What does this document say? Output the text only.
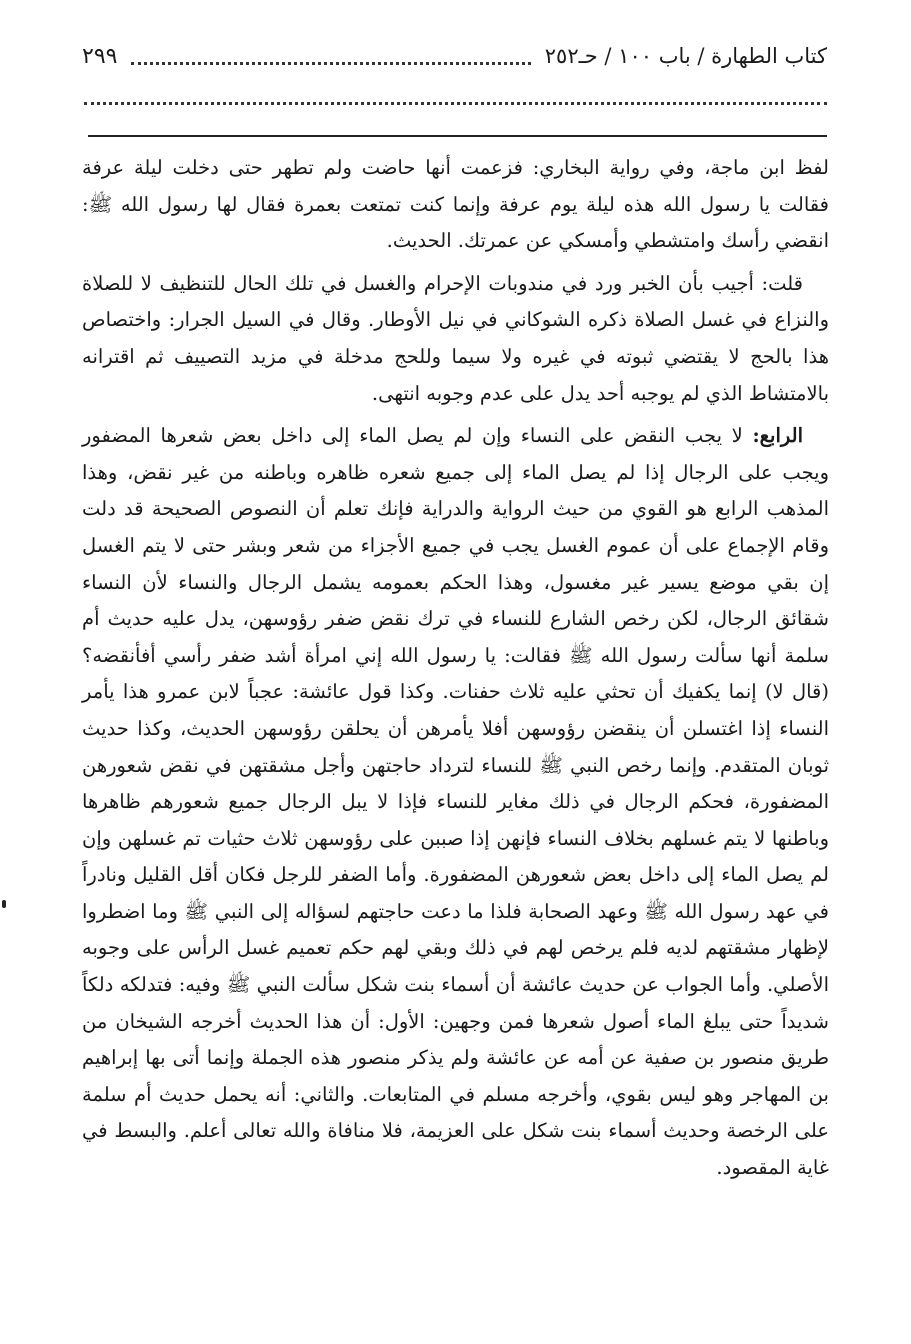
كتاب الطهارة / باب ١٠٠ / حـ٢٥٢
٢٩٩

لفظ ابن ماجة، وفي رواية البخاري: فزعمت أنها حاضت ولم تطهر حتى دخلت ليلة عرفة فقالت يا رسول الله هذه ليلة يوم عرفة وإنما كنت تمتعت بعمرة فقال لها رسول الله ﷺ: انقضي رأسك وامتشطي وأمسكي عن عمرتك. الحديث.

قلت: أجيب بأن الخبر ورد في مندوبات الإحرام والغسل في تلك الحال للتنظيف لا للصلاة والنزاع في غسل الصلاة ذكره الشوكاني في نيل الأوطار. وقال في السيل الجرار: واختصاص هذا بالحج لا يقتضي ثبوته في غيره ولا سيما وللحج مدخلة في مزيد التصييف ثم اقترانه بالامتشاط الذي لم يوجبه أحد يدل على عدم وجوبه انتهى.

الرابع: لا يجب النقض على النساء وإن لم يصل الماء إلى داخل بعض شعرها المضفور ويجب على الرجال إذا لم يصل الماء إلى جميع شعره ظاهره وباطنه من غير نقض، وهذا المذهب الرابع هو القوي من حيث الرواية والدراية فإنك تعلم أن النصوص الصحيحة قد دلت وقام الإجماع على أن عموم الغسل يجب في جميع الأجزاء من شعر وبشر حتى لا يتم الغسل إن بقي موضع يسير غير مغسول، وهذا الحكم بعمومه يشمل الرجال والنساء لأن النساء شقائق الرجال، لكن رخص الشارع للنساء في ترك نقض ضفر رؤوسهن، يدل عليه حديث أم سلمة أنها سألت رسول الله ﷺ فقالت: يا رسول الله إني امرأة أشد ضفر رأسي أفأنقضه؟ (قال لا) إنما يكفيك أن تحثي عليه ثلاث حفنات. وكذا قول عائشة: عجباً لابن عمرو هذا يأمر النساء إذا اغتسلن أن ينقضن رؤوسهن أفلا يأمرهن أن يحلقن رؤوسهن الحديث، وكذا حديث ثوبان المتقدم. وإنما رخص النبي ﷺ للنساء لترداد حاجتهن وأجل مشقتهن في نقض شعورهن المضفورة، فحكم الرجال في ذلك مغاير للنساء فإذا لا يبل الرجال جميع شعورهم ظاهرها وباطنها لا يتم غسلهم بخلاف النساء فإنهن إذا صببن على رؤوسهن ثلاث حثيات تم غسلهن وإن لم يصل الماء إلى داخل بعض شعورهن المضفورة. وأما الضفر للرجل فكان أقل القليل ونادراً في عهد رسول الله ﷺ وعهد الصحابة فلذا ما دعت حاجتهم لسؤاله إلى النبي ﷺ وما اضطروا لإظهار مشقتهم لديه فلم يرخص لهم في ذلك وبقي لهم حكم تعميم غسل الرأس على وجوبه الأصلي. وأما الجواب عن حديث عائشة أن أسماء بنت شكل سألت النبي ﷺ وفيه: فتدلكه دلكاً شديداً حتى يبلغ الماء أصول شعرها فمن وجهين: الأول: أن هذا الحديث أخرجه الشيخان من طريق منصور بن صفية عن أمه عن عائشة ولم يذكر منصور هذه الجملة وإنما أتى بها إبراهيم بن المهاجر وهو ليس بقوي، وأخرجه مسلم في المتابعات. والثاني: أنه يحمل حديث أم سلمة على الرخصة وحديث أسماء بنت شكل على العزيمة، فلا منافاة والله تعالى أعلم. والبسط في غاية المقصود.
